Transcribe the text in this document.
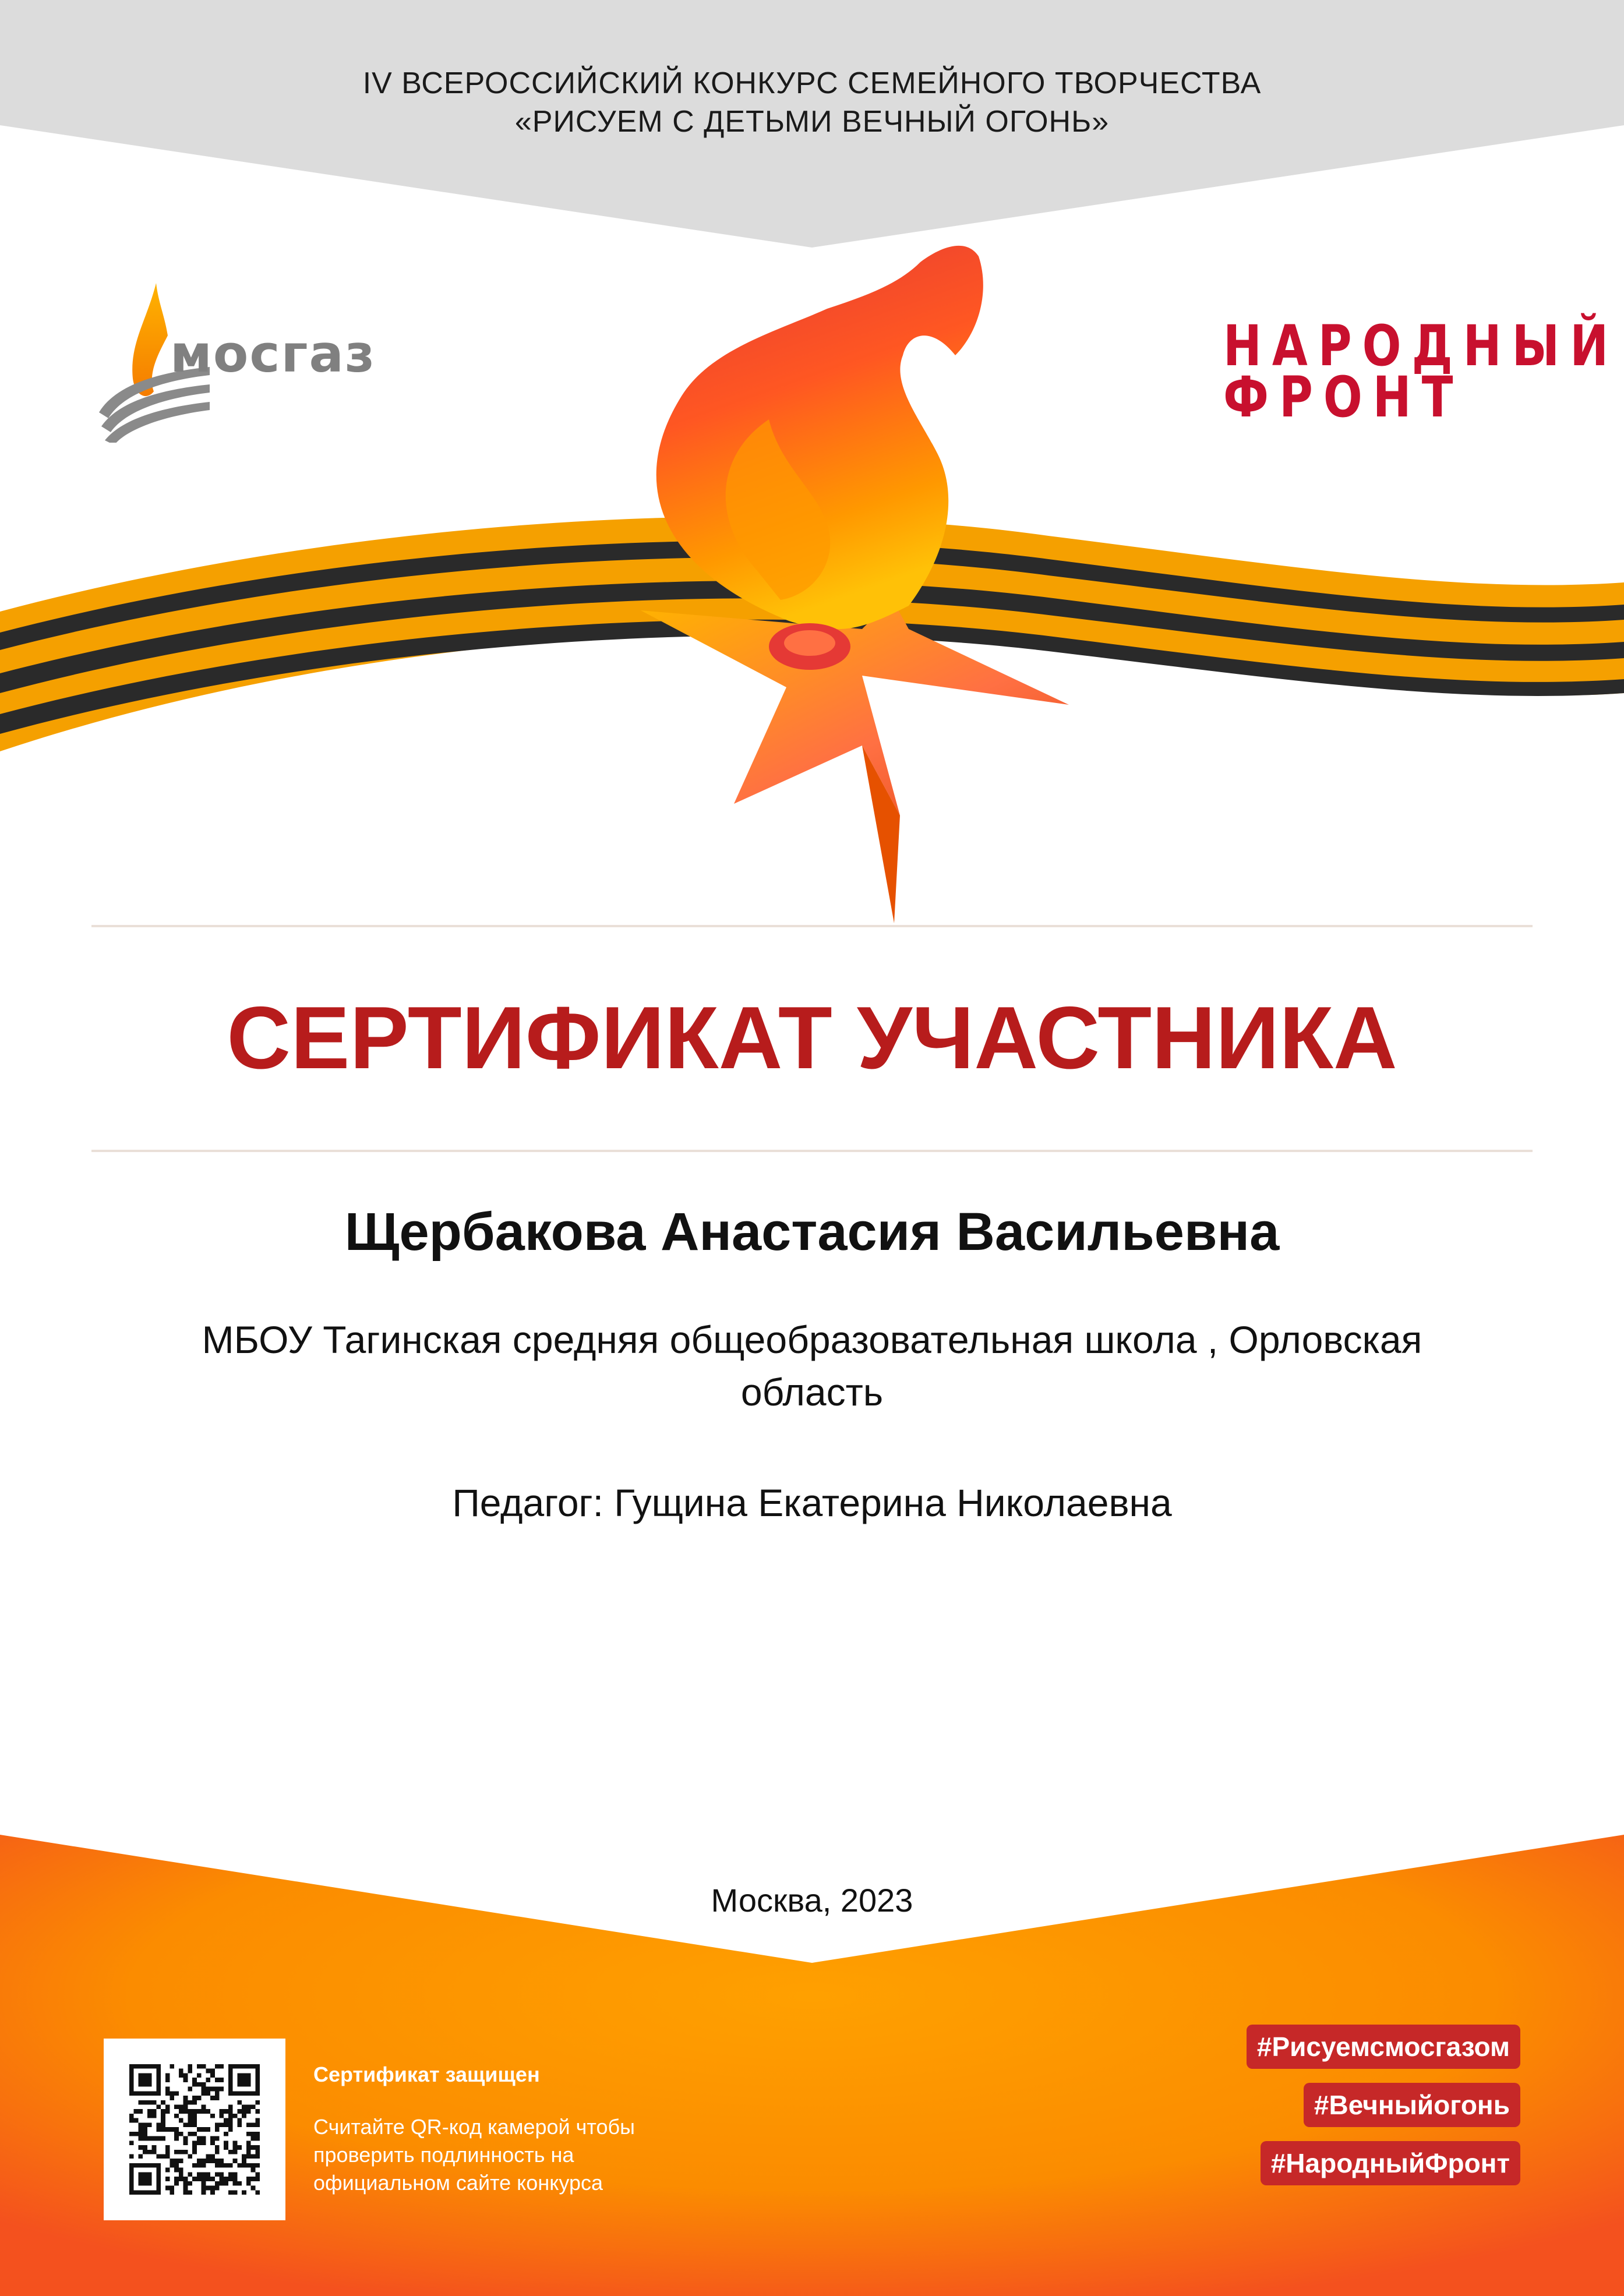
IV ВСЕРОССИЙСКИЙ КОНКУРС СЕМЕЙНОГО ТВОРЧЕСТВА
«РИСУЕМ С ДЕТЬМИ ВЕЧНЫЙ ОГОНЬ»
мосгаз	НАРОДНЫЙ
ФРОНТ
СЕРТИФИКАТ УЧАСТНИКА
Щербакова Анастасия Васильевна
МБОУ Тагинская средняя общеобразовательная школа , Орловская область
Педагог: Гущина Екатерина Николаевна
Москва, 2023
Сертификат защищен
Считайте QR-код камерой чтобы проверить подлинность на официальном сайте конкурса
#Рисуемсмосгазом
#Вечныйогонь
#НародныйФронт
